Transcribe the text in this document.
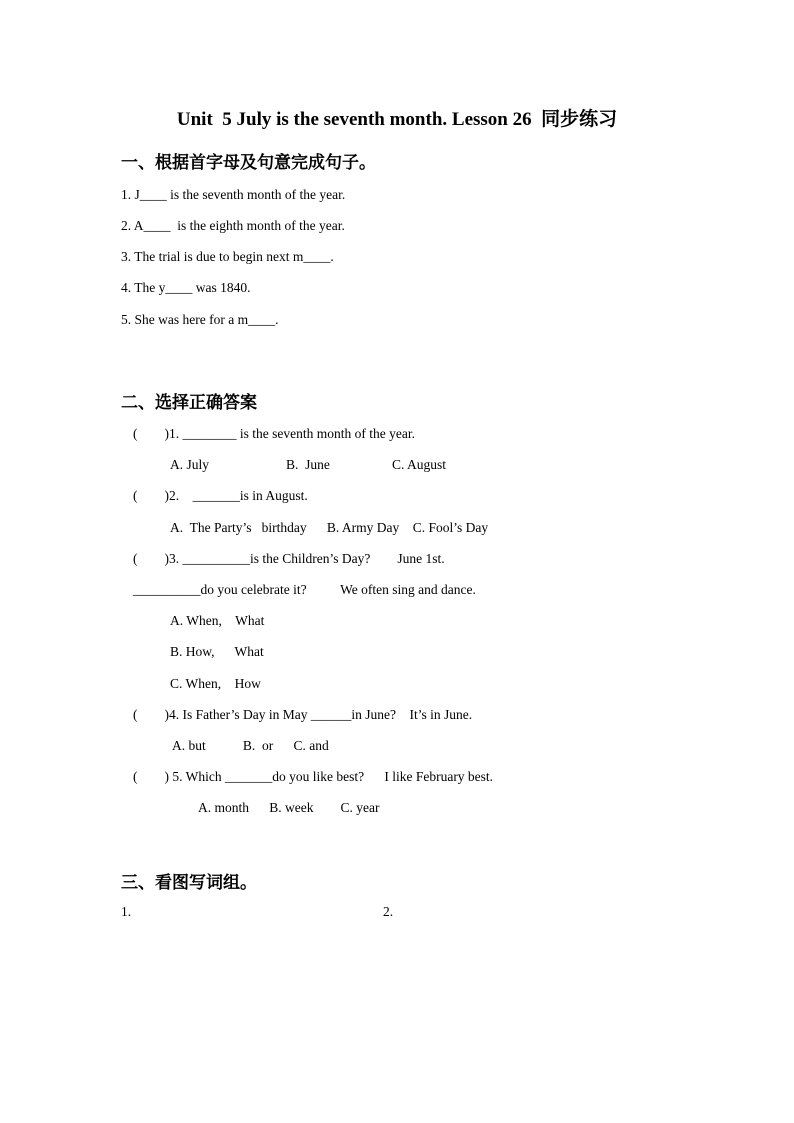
Unit  5 July is the seventh month. Lesson 26  同步练习
一、根据首字母及句意完成句子。
1. J____ is the seventh month of the year.
2. A____  is the eighth month of the year.
3. The trial is due to begin next m____.
4. The y____ was 1840.
5. She was here for a m____.
二、选择正确答案
(        )1. ________ is the seventh month of the year.
A. July	B.  June	C. August
(        )2.    _______is in August.
A.  The Party’s   birthday      B. Army Day    C. Fool’s Day
(        )3. __________is the Children’s Day?        June 1st.
__________do you celebrate it?          We often sing and dance.
A. When,    What
B. How,      What
C. When,    How
(        )4. Is Father’s Day in May ______in June?    It’s in June.
A. but           B.  or      C. and
(        ) 5. Which _______do you like best?      I like February best.
A. month      B. week        C. year
三、看图写词组。
1.	2.
